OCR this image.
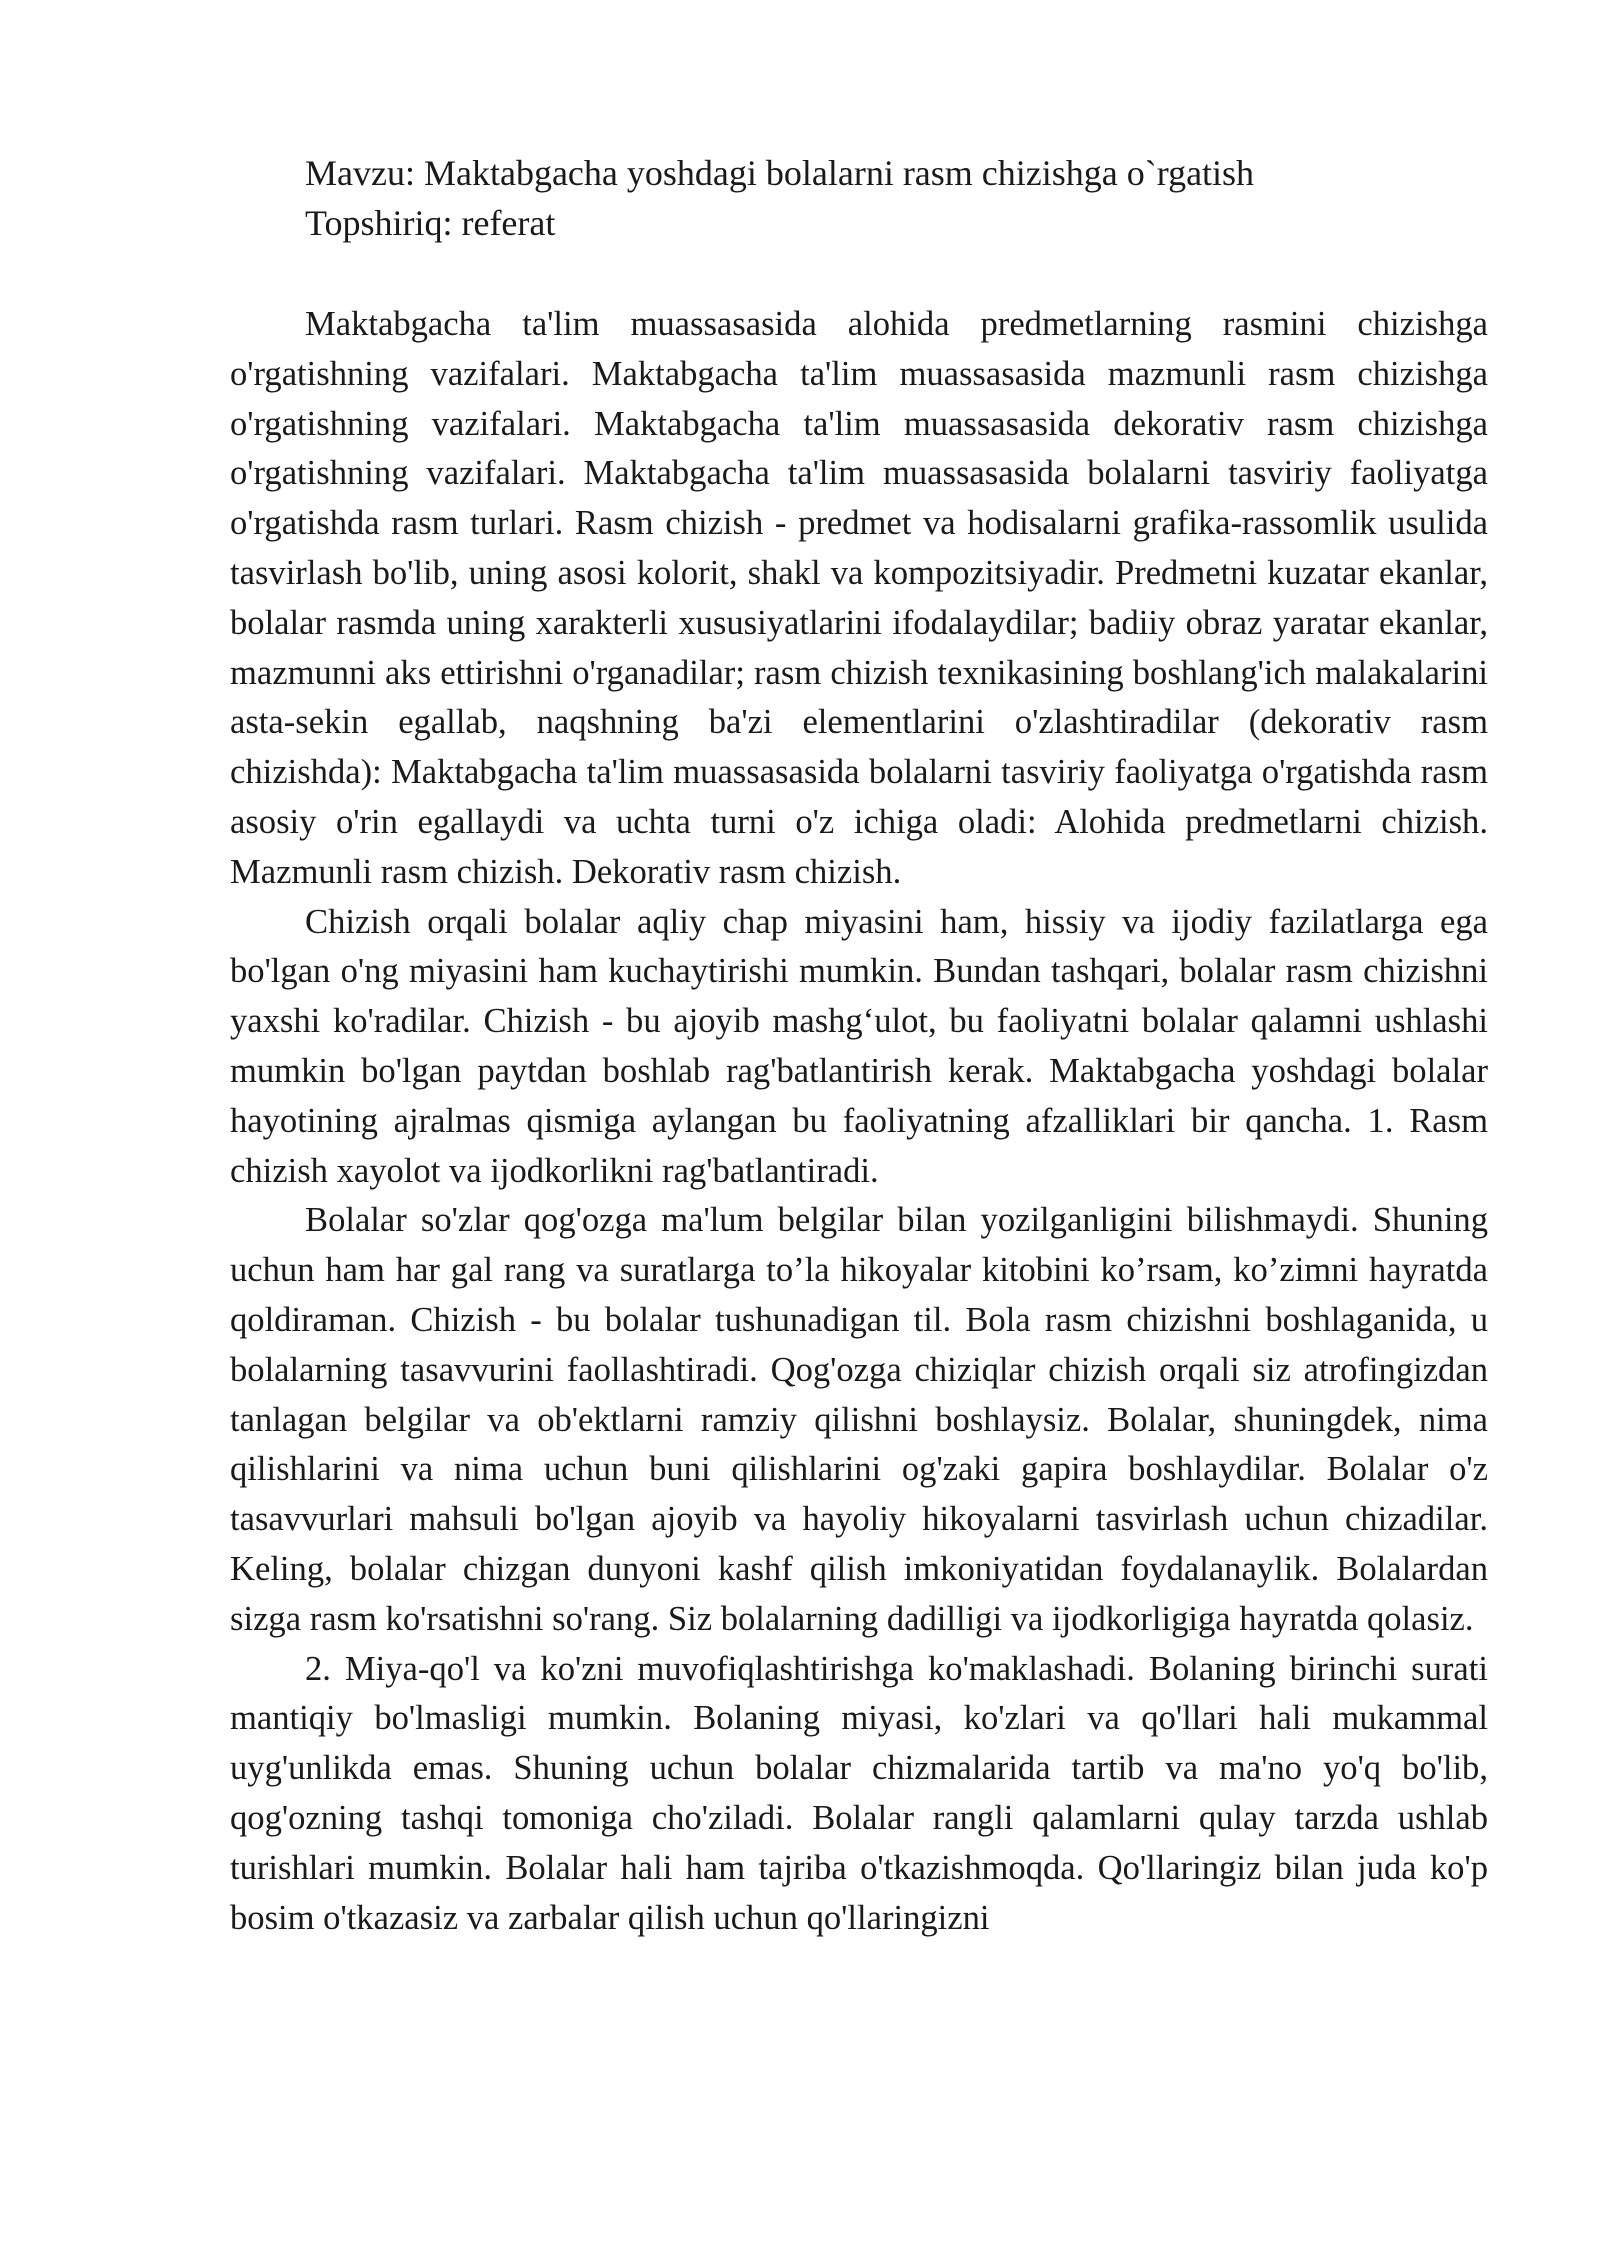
Mavzu: Maktabgacha yoshdagi bolalarni rasm chizishga o`rgatish
Topshiriq: referat

Maktabgacha ta'lim muassasasida alohida predmetlarning rasmini chizishga o'rgatishning vazifalari. Maktabgacha ta'lim muassasasida mazmunli rasm chizishga o'rgatishning vazifalari. Maktabgacha ta'lim muassasasida dekorativ rasm chizishga o'rgatishning vazifalari. Maktabgacha ta'lim muassasasida bolalarni tasviriy faoliyatga o'rgatishda rasm turlari. Rasm chizish - predmet va hodisalarni grafika-rassomlik usulida tasvirlash bo'lib, uning asosi kolorit, shakl va kompozitsiyadir. Predmetni kuzatar ekanlar, bolalar rasmda uning xarakterli xususiyatlarini ifodalaydilar; badiiy obraz yaratar ekanlar, mazmunni aks ettirishni o'rganadilar; rasm chizish texnikasining boshlang'ich malakalarini asta-sekin egallab, naqshning ba'zi elementlarini o'zlashtiradilar (dekorativ rasm chizishda): Maktabgacha ta'lim muassasasida bolalarni tasviriy faoliyatga o'rgatishda rasm asosiy o'rin egallaydi va uchta turni o'z ichiga oladi: Alohida predmetlarni chizish. Mazmunli rasm chizish. Dekorativ rasm chizish.

Chizish orqali bolalar aqliy chap miyasini ham, hissiy va ijodiy fazilatlarga ega bo'lgan o'ng miyasini ham kuchaytirishi mumkin. Bundan tashqari, bolalar rasm chizishni yaxshi ko'radilar. Chizish - bu ajoyib mashg‘ulot, bu faoliyatni bolalar qalamni ushlashi mumkin bo'lgan paytdan boshlab rag'batlantirish kerak. Maktabgacha yoshdagi bolalar hayotining ajralmas qismiga aylangan bu faoliyatning afzalliklari bir qancha. 1. Rasm chizish xayolot va ijodkorlikni rag'batlantiradi.

Bolalar so'zlar qog'ozga ma'lum belgilar bilan yozilganligini bilishmaydi. Shuning uchun ham har gal rang va suratlarga to’la hikoyalar kitobini ko’rsam, ko’zimni hayratda qoldiraman. Chizish - bu bolalar tushunadigan til. Bola rasm chizishni boshlaganida, u bolalarning tasavvurini faollashtiradi. Qog'ozga chiziqlar chizish orqali siz atrofingizdan tanlagan belgilar va ob'ektlarni ramziy qilishni boshlaysiz. Bolalar, shuningdek, nima qilishlarini va nima uchun buni qilishlarini og'zaki gapira boshlaydilar. Bolalar o'z tasavvurlari mahsuli bo'lgan ajoyib va hayoliy hikoyalarni tasvirlash uchun chizadilar. Keling, bolalar chizgan dunyoni kashf qilish imkoniyatidan foydalanaylik. Bolalardan sizga rasm ko'rsatishni so'rang. Siz bolalarning dadilligi va ijodkorligiga hayratda qolasiz.

2. Miya-qo'l va ko'zni muvofiqlashtirishga ko'maklashadi. Bolaning birinchi surati mantiqiy bo'lmasligi mumkin. Bolaning miyasi, ko'zlari va qo'llari hali mukammal uyg'unlikda emas. Shuning uchun bolalar chizmalarida tartib va ma'no yo'q bo'lib, qog'ozning tashqi tomoniga cho'ziladi. Bolalar rangli qalamlarni qulay tarzda ushlab turishlari mumkin. Bolalar hali ham tajriba o'tkazishmoqda. Qo'llaringiz bilan juda ko'p bosim o'tkazasiz va zarbalar qilish uchun qo'llaringizni
